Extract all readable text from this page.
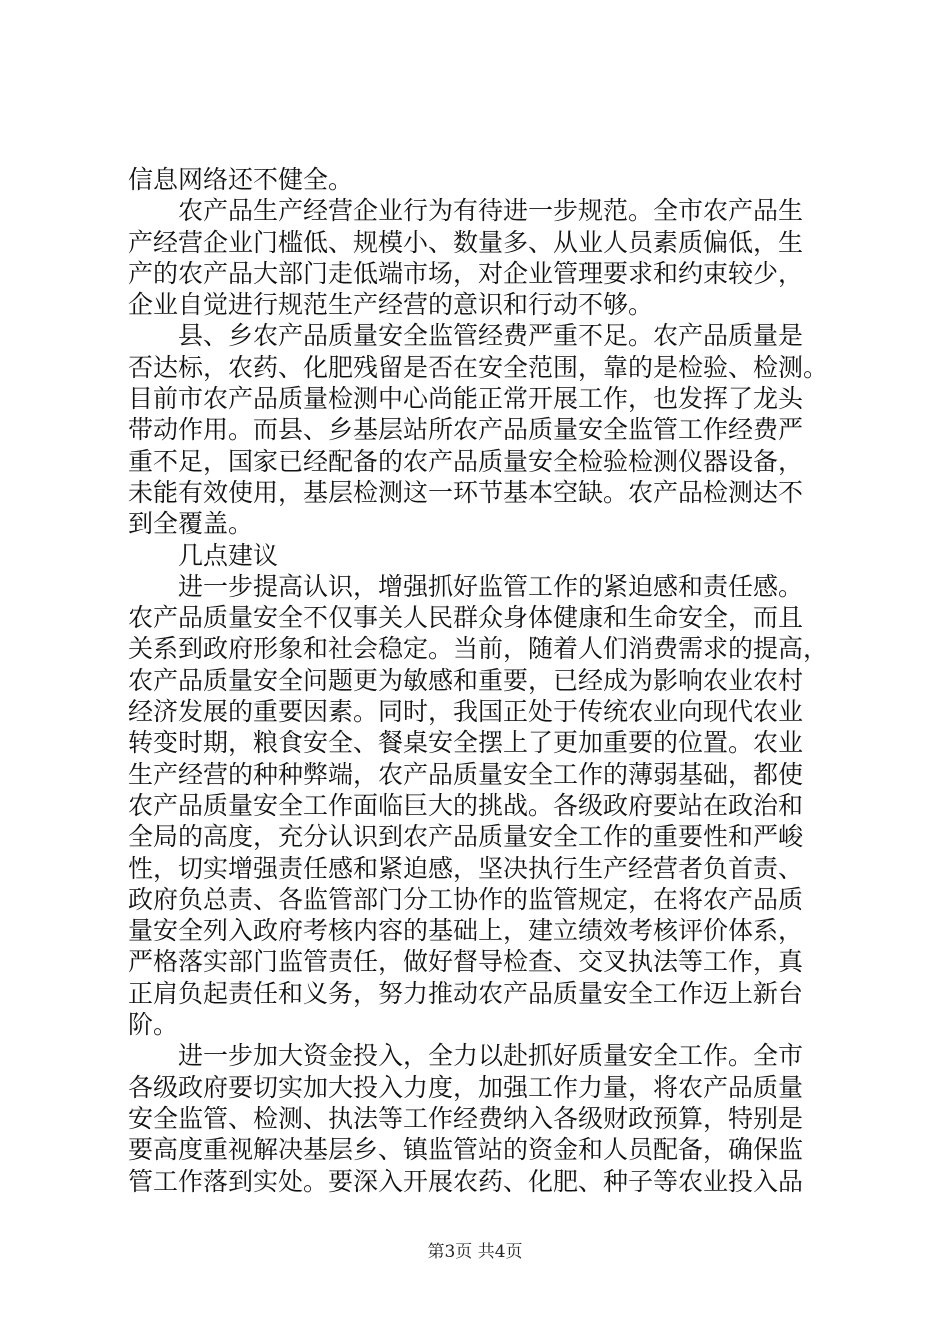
信息网络还不健全。
农产品生产经营企业行为有待进一步规范。全市农产品生
产经营企业门槛低、规模小、数量多、从业人员素质偏低，生
产的农产品大部门走低端市场，对企业管理要求和约束较少，
企业自觉进行规范生产经营的意识和行动不够。
县、乡农产品质量安全监管经费严重不足。农产品质量是
否达标，农药、化肥残留是否在安全范围，靠的是检验、检测。
目前市农产品质量检测中心尚能正常开展工作，也发挥了龙头
带动作用。而县、乡基层站所农产品质量安全监管工作经费严
重不足，国家已经配备的农产品质量安全检验检测仪器设备，
未能有效使用，基层检测这一环节基本空缺。农产品检测达不
到全覆盖。
几点建议
进一步提高认识，增强抓好监管工作的紧迫感和责任感。
农产品质量安全不仅事关人民群众身体健康和生命安全，而且
关系到政府形象和社会稳定。当前，随着人们消费需求的提高，
农产品质量安全问题更为敏感和重要，已经成为影响农业农村
经济发展的重要因素。同时，我国正处于传统农业向现代农业
转变时期，粮食安全、餐桌安全摆上了更加重要的位置。农业
生产经营的种种弊端，农产品质量安全工作的薄弱基础，都使
农产品质量安全工作面临巨大的挑战。各级政府要站在政治和
全局的高度，充分认识到农产品质量安全工作的重要性和严峻
性，切实增强责任感和紧迫感，坚决执行生产经营者负首责、
政府负总责、各监管部门分工协作的监管规定，在将农产品质
量安全列入政府考核内容的基础上，建立绩效考核评价体系，
严格落实部门监管责任，做好督导检查、交叉执法等工作，真
正肩负起责任和义务，努力推动农产品质量安全工作迈上新台
阶。
进一步加大资金投入，全力以赴抓好质量安全工作。全市
各级政府要切实加大投入力度，加强工作力量，将农产品质量
安全监管、检测、执法等工作经费纳入各级财政预算，特别是
要高度重视解决基层乡、镇监管站的资金和人员配备，确保监
管工作落到实处。要深入开展农药、化肥、种子等农业投入品
第3页 共4页
